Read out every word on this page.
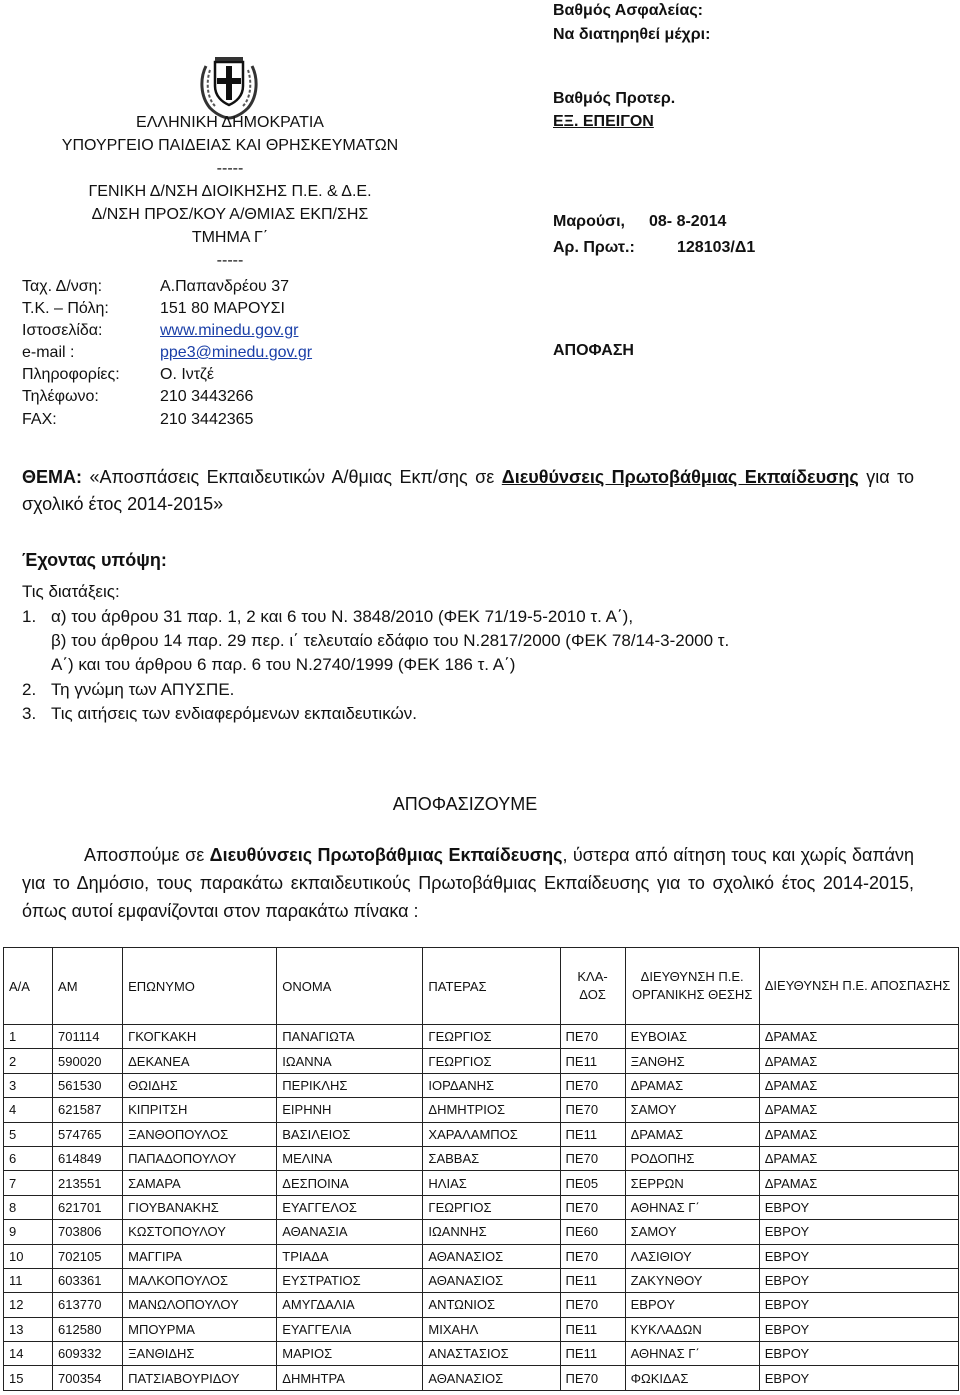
ΕΛΛΗΝΙΚΗ ΔΗΜΟΚΡΑΤΙΑ
ΥΠΟΥΡΓΕΙΟ ΠΑΙΔΕΙΑΣ ΚΑΙ ΘΡΗΣΚΕΥΜΑΤΩΝ
-----
ΓΕΝΙΚΗ Δ/ΝΣΗ ΔΙΟΙΚΗΣΗΣ Π.Ε. & Δ.Ε.
Δ/ΝΣΗ ΠΡΟΣ/ΚΟΥ Α/ΘΜΙΑΣ ΕΚΠ/ΣΗΣ
ΤΜΗΜΑ Γ΄
-----
Ταχ. Δ/νση:	Α.Παπανδρέου 37
Τ.Κ. – Πόλη:	151 80 ΜΑΡΟΥΣΙ
Ιστοσελίδα:	www.minedu.gov.gr
e-mail :	ppe3@minedu.gov.gr
Πληροφορίες:	Ο. Ιντζέ
Τηλέφωνο:	210 3443266
FAX:	210 3442365
Βαθμός Ασφαλείας:
Να διατηρηθεί μέχρι:
Βαθμός Προτερ.
ΕΞ. ΕΠΕΙΓΟΝ
Μαρούσι, 08- 8-2014
Αρ. Πρωτ.:	128103/Δ1
ΑΠΟΦΑΣΗ
ΘΕΜΑ: «Αποσπάσεις Εκπαιδευτικών Α/θμιας Εκπ/σης σε Διευθύνσεις Πρωτοβάθμιας Εκπαίδευσης για το σχολικό έτος 2014-2015»
Έχοντας υπόψη:
Τις διατάξεις:
1. α) του άρθρου 31 παρ. 1, 2 και 6 του Ν. 3848/2010 (ΦΕΚ 71/19-5-2010 τ. Α΄),
β) του άρθρου 14 παρ. 29 περ. ι΄ τελευταίο εδάφιο του Ν.2817/2000 (ΦΕΚ 78/14-3-2000 τ.
Α΄) και του άρθρου 6 παρ. 6 του Ν.2740/1999 (ΦΕΚ 186 τ. Α΄)
2. Τη γνώμη των ΑΠΥΣΠΕ.
3. Τις αιτήσεις των ενδιαφερόμενων εκπαιδευτικών.
ΑΠΟΦΑΣΙΖΟΥΜΕ
Αποσπούμε σε Διευθύνσεις Πρωτοβάθμιας Εκπαίδευσης, ύστερα από αίτηση τους και χωρίς δαπάνη για το Δημόσιο, τους παρακάτω εκπαιδευτικούς Πρωτοβάθμιας Εκπαίδευσης για το σχολικό έτος 2014-2015, όπως αυτοί εμφανίζονται στον παρακάτω πίνακα :
Α/Α	ΑΜ	ΕΠΩΝΥΜΟ	ΟΝΟΜΑ	ΠΑΤΕΡΑΣ	ΚΛΑ-ΔΟΣ	ΔΙΕΥΘΥΝΣΗ Π.Ε. ΟΡΓΑΝΙΚΗΣ ΘΕΣΗΣ	ΔΙΕΥΘΥΝΣΗ Π.Ε. ΑΠΟΣΠΑΣΗΣ
1	701114	ΓΚΟΓΚΑΚΗ	ΠΑΝΑΓΙΩΤΑ	ΓΕΩΡΓΙΟΣ	ΠΕ70	ΕΥΒΟΙΑΣ	ΔΡΑΜΑΣ
2	590020	ΔΕΚΑΝΕΑ	ΙΩΑΝΝΑ	ΓΕΩΡΓΙΟΣ	ΠΕ11	ΞΑΝΘΗΣ	ΔΡΑΜΑΣ
3	561530	ΘΩΙΔΗΣ	ΠΕΡΙΚΛΗΣ	ΙΟΡΔΑΝΗΣ	ΠΕ70	ΔΡΑΜΑΣ	ΔΡΑΜΑΣ
4	621587	ΚΙΠΡΙΤΣΗ	ΕΙΡΗΝΗ	ΔΗΜΗΤΡΙΟΣ	ΠΕ70	ΣΑΜΟΥ	ΔΡΑΜΑΣ
5	574765	ΞΑΝΘΟΠΟΥΛΟΣ	ΒΑΣΙΛΕΙΟΣ	ΧΑΡΑΛΑΜΠΟΣ	ΠΕ11	ΔΡΑΜΑΣ	ΔΡΑΜΑΣ
6	614849	ΠΑΠΑΔΟΠΟΥΛΟΥ	ΜΕΛΙΝΑ	ΣΑΒΒΑΣ	ΠΕ70	ΡΟΔΟΠΗΣ	ΔΡΑΜΑΣ
7	213551	ΣΑΜΑΡΑ	ΔΕΣΠΟΙΝΑ	ΗΛΙΑΣ	ΠΕ05	ΣΕΡΡΩΝ	ΔΡΑΜΑΣ
8	621701	ΓΙΟΥΒΑΝΑΚΗΣ	ΕΥΑΓΓΕΛΟΣ	ΓΕΩΡΓΙΟΣ	ΠΕ70	ΑΘΗΝΑΣ Γ΄	ΕΒΡΟΥ
9	703806	ΚΩΣΤΟΠΟΥΛΟΥ	ΑΘΑΝΑΣΙΑ	ΙΩΑΝΝΗΣ	ΠΕ60	ΣΑΜΟΥ	ΕΒΡΟΥ
10	702105	ΜΑΓΓΙΡΑ	ΤΡΙΑΔΑ	ΑΘΑΝΑΣΙΟΣ	ΠΕ70	ΛΑΣΙΘΙΟΥ	ΕΒΡΟΥ
11	603361	ΜΑΛΚΟΠΟΥΛΟΣ	ΕΥΣΤΡΑΤΙΟΣ	ΑΘΑΝΑΣΙΟΣ	ΠΕ11	ΖΑΚΥΝΘΟΥ	ΕΒΡΟΥ
12	613770	ΜΑΝΩΛΟΠΟΥΛΟΥ	ΑΜΥΓΔΑΛΙΑ	ΑΝΤΩΝΙΟΣ	ΠΕ70	ΕΒΡΟΥ	ΕΒΡΟΥ
13	612580	ΜΠΟΥΡΜΑ	ΕΥΑΓΓΕΛΙΑ	ΜΙΧΑΗΛ	ΠΕ11	ΚΥΚΛΑΔΩΝ	ΕΒΡΟΥ
14	609332	ΞΑΝΘΙΔΗΣ	ΜΑΡΙΟΣ	ΑΝΑΣΤΑΣΙΟΣ	ΠΕ11	ΑΘΗΝΑΣ Γ΄	ΕΒΡΟΥ
15	700354	ΠΑΤΣΙΑΒΟΥΡΙΔΟΥ	ΔΗΜΗΤΡΑ	ΑΘΑΝΑΣΙΟΣ	ΠΕ70	ΦΩΚΙΔΑΣ	ΕΒΡΟΥ
